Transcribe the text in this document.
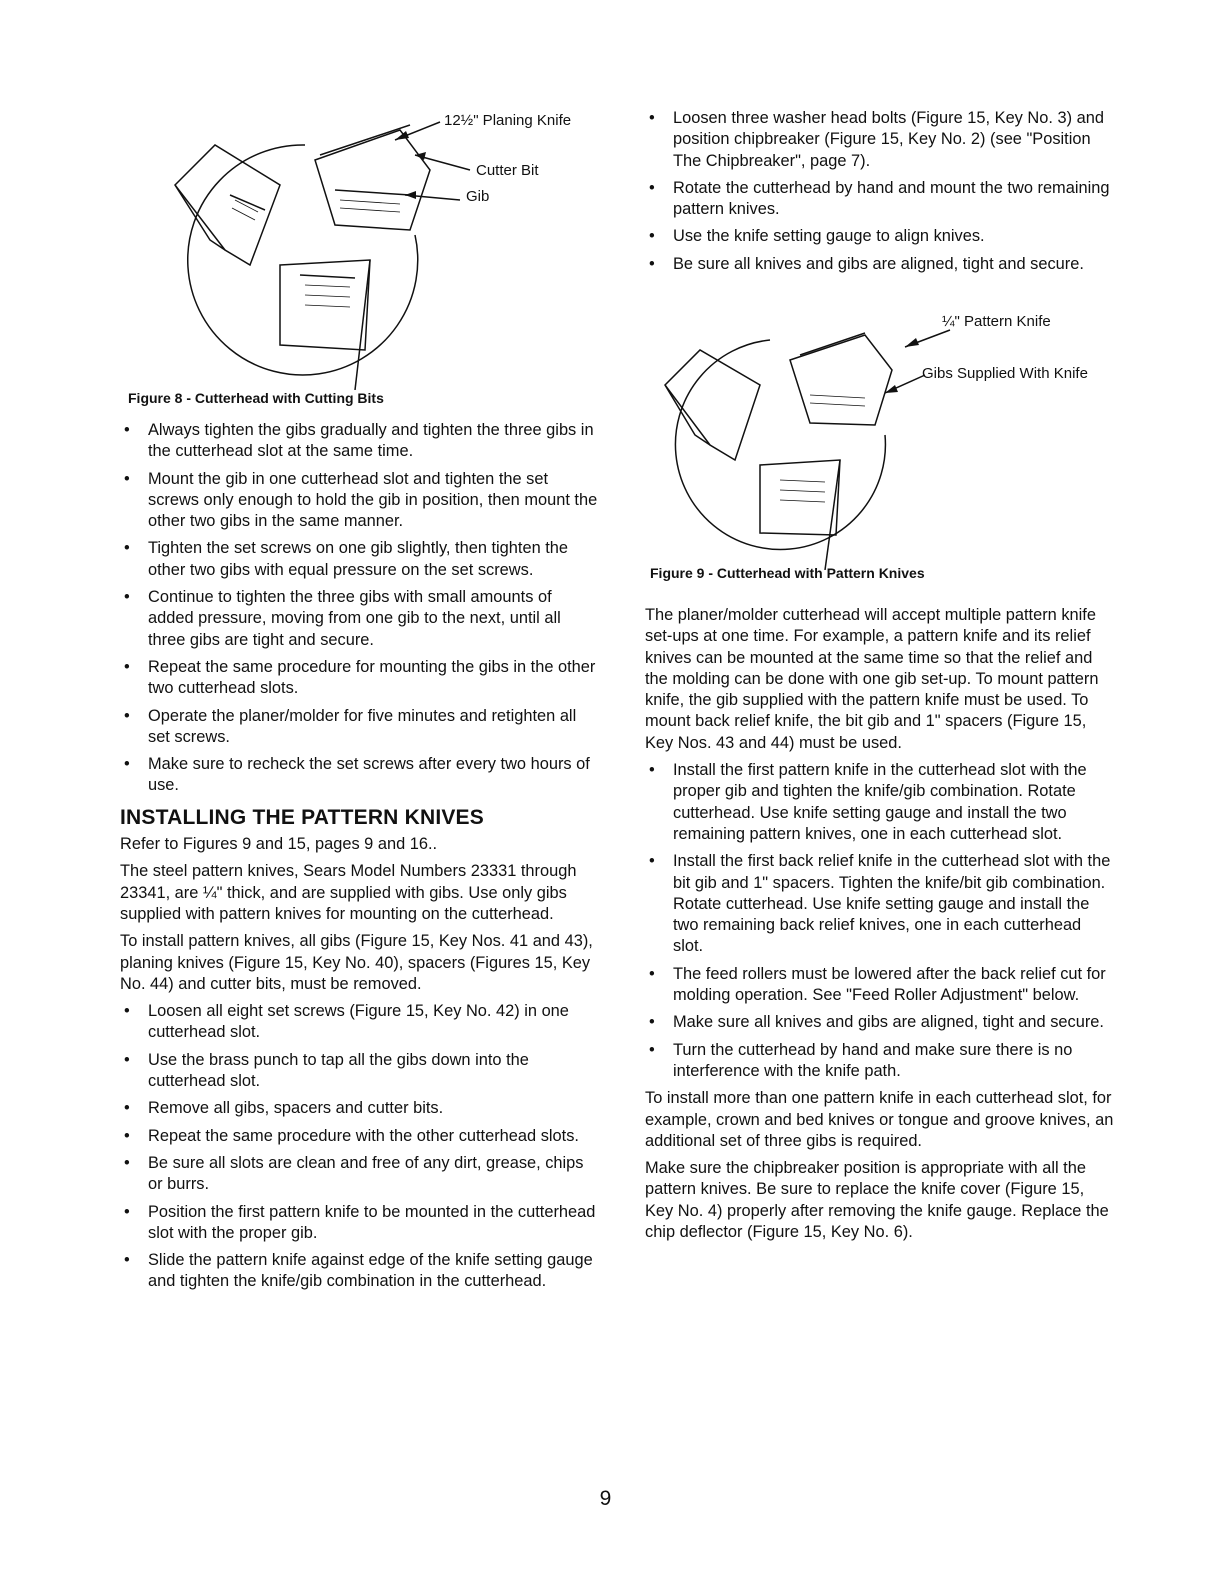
12½" Planing Knife
Cutter Bit
Gib
Figure 8 - Cutterhead with Cutting Bits
• Always tighten the gibs gradually and tighten the three gibs in the cutterhead slot at the same time.
• Mount the gib in one cutterhead slot and tighten the set screws only enough to hold the gib in position, then mount the other two gibs in the same manner.
• Tighten the set screws on one gib slightly, then tighten the other two gibs with equal pressure on the set screws.
• Continue to tighten the three gibs with small amounts of added pressure, moving from one gib to the next, until all three gibs are tight and secure.
• Repeat the same procedure for mounting the gibs in the other two cutterhead slots.
• Operate the planer/molder for five minutes and retighten all set screws.
• Make sure to recheck the set screws after every two hours of use.
INSTALLING THE PATTERN KNIVES

Refer to Figures 9 and 15, pages 9 and 16..

The steel pattern knives, Sears Model Numbers 23331 through 23341, are ¼" thick, and are supplied with gibs. Use only gibs supplied with pattern knives for mounting on the cutterhead.

To install pattern knives, all gibs (Figure 15, Key Nos. 41 and 43), planing knives (Figure 15, Key No. 40), spacers (Figures 15, Key No. 44) and cutter bits, must be removed.

• Loosen all eight set screws (Figure 15, Key No. 42) in one cutterhead slot.
• Use the brass punch to tap all the gibs down into the cutterhead slot.
• Remove all gibs, spacers and cutter bits.
• Repeat the same procedure with the other cutterhead slots.
• Be sure all slots are clean and free of any dirt, grease, chips or burrs.
• Position the first pattern knife to be mounted in the cutterhead slot with the proper gib.
• Slide the pattern knife against edge of the knife setting gauge and tighten the knife/gib combination in the cutterhead.
• Loosen three washer head bolts (Figure 15, Key No. 3) and position chipbreaker (Figure 15, Key No. 2) (see "Position The Chipbreaker", page 7).
• Rotate the cutterhead by hand and mount the two remaining pattern knives.
• Use the knife setting gauge to align knives.
• Be sure all knives and gibs are aligned, tight and secure.
¼" Pattern Knife
Gibs Supplied With Knife
Figure 9 - Cutterhead with Pattern Knives

The planer/molder cutterhead will accept multiple pattern knife set-ups at one time. For example, a pattern knife and its relief knives can be mounted at the same time so that the relief and the molding can be done with one gib set-up. To mount pattern knife, the gib supplied with the pattern knife must be used. To mount back relief knife, the bit gib and 1" spacers (Figure 15, Key Nos. 43 and 44) must be used.

• Install the first pattern knife in the cutterhead slot with the proper gib and tighten the knife/gib combination. Rotate cutterhead. Use knife setting gauge and install the two remaining pattern knives, one in each cutterhead slot.
• Install the first back relief knife in the cutterhead slot with the bit gib and 1" spacers. Tighten the knife/bit gib combination. Rotate cutterhead. Use knife setting gauge and install the two remaining back relief knives, one in each cutterhead slot.
• The feed rollers must be lowered after the back relief cut for molding operation. See "Feed Roller Adjustment" below.
• Make sure all knives and gibs are aligned, tight and secure.
• Turn the cutterhead by hand and make sure there is no interference with the knife path.

To install more than one pattern knife in each cutterhead slot, for example, crown and bed knives or tongue and groove knives, an additional set of three gibs is required.

Make sure the chipbreaker position is appropriate with all the pattern knives. Be sure to replace the knife cover (Figure 15, Key No. 4) properly after removing the knife gauge. Replace the chip deflector (Figure 15, Key No. 6).

9
